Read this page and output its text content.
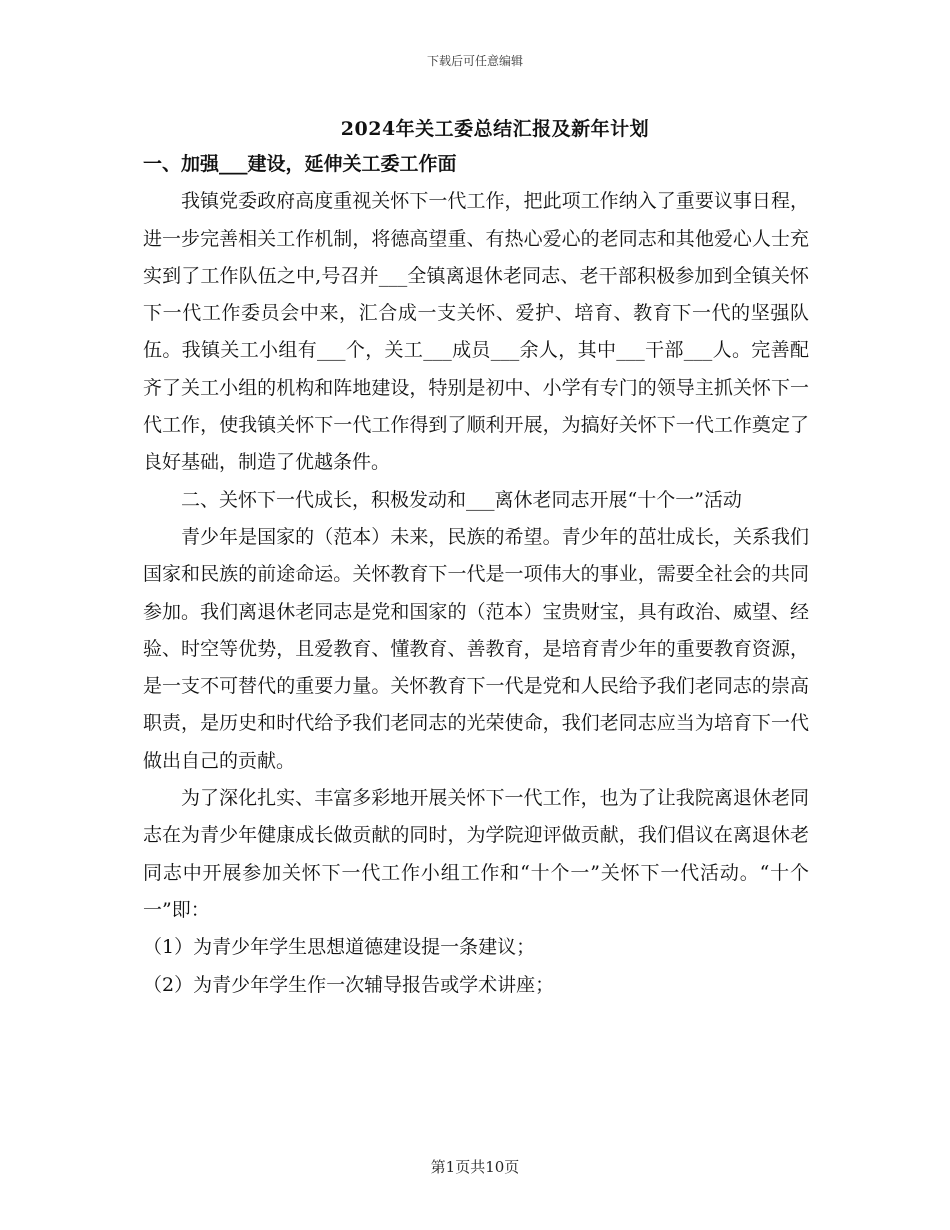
下载后可任意编辑
2024年关工委总结汇报及新年计划

一、加强___建设，延伸关工委工作面

我镇党委政府高度重视关怀下一代工作，把此项工作纳入了重要议事日程，进一步完善相关工作机制，将德高望重、有热心爱心的老同志和其他爱心人士充实到了工作队伍之中,号召并___全镇离退休老同志、老干部积极参加到全镇关怀下一代工作委员会中来，汇合成一支关怀、爱护、培育、教育下一代的坚强队伍。我镇关工小组有___个，关工___成员___余人，其中___干部___人。完善配齐了关工小组的机构和阵地建设，特别是初中、小学有专门的领导主抓关怀下一代工作，使我镇关怀下一代工作得到了顺利开展，为搞好关怀下一代工作奠定了良好基础，制造了优越条件。

二、关怀下一代成长，积极发动和___离休老同志开展“十个一”活动

青少年是国家的（范本）未来，民族的希望。青少年的茁壮成长，关系我们国家和民族的前途命运。关怀教育下一代是一项伟大的事业，需要全社会的共同参加。我们离退休老同志是党和国家的（范本）宝贵财宝，具有政治、威望、经验、时空等优势，且爱教育、懂教育、善教育，是培育青少年的重要教育资源，是一支不可替代的重要力量。关怀教育下一代是党和人民给予我们老同志的崇高职责，是历史和时代给予我们老同志的光荣使命，我们老同志应当为培育下一代做出自己的贡献。

为了深化扎实、丰富多彩地开展关怀下一代工作，也为了让我院离退休老同志在为青少年健康成长做贡献的同时，为学院迎评做贡献，我们倡议在离退休老同志中开展参加关怀下一代工作小组工作和“十个一”关怀下一代活动。“十个一”即：

（1）为青少年学生思想道德建设提一条建议；

（2）为青少年学生作一次辅导报告或学术讲座；

第1页共10页
